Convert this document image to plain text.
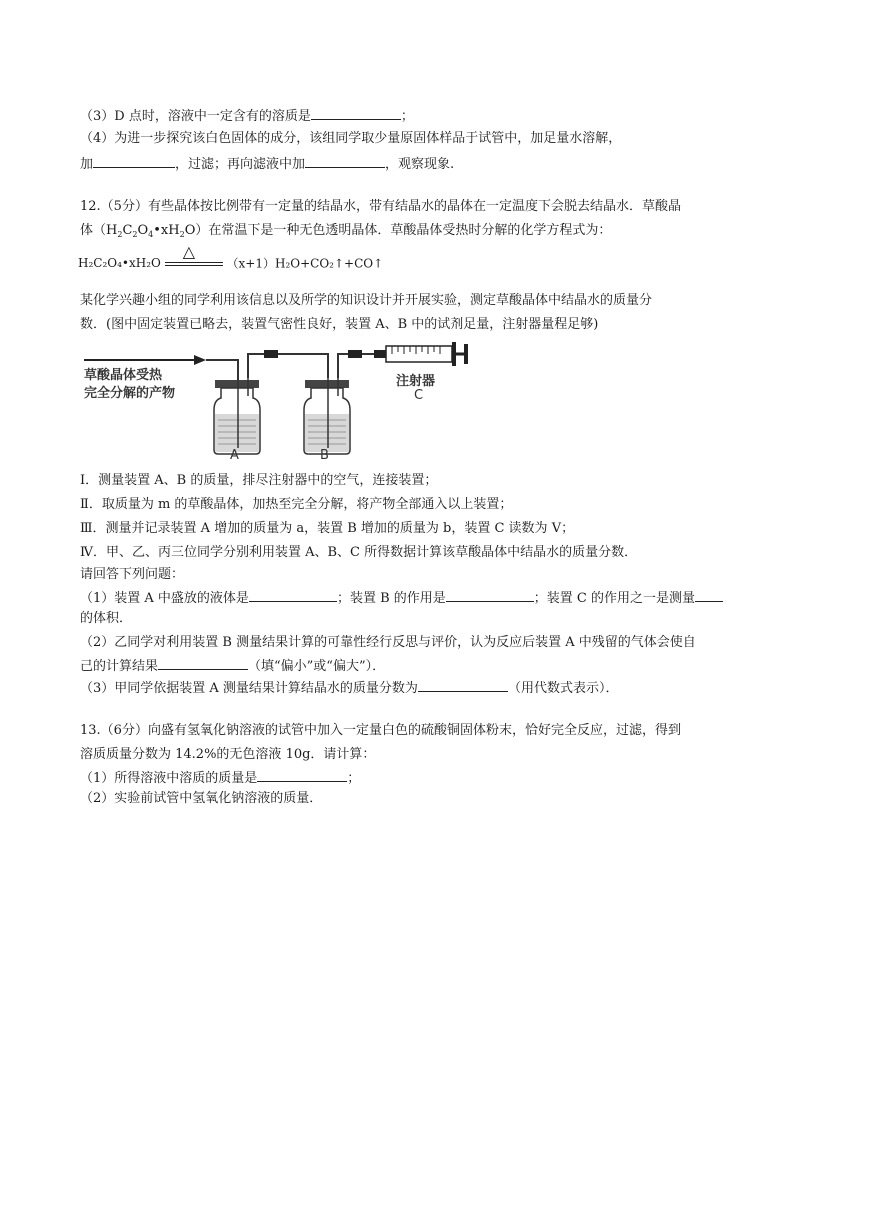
（3）D 点时，溶液中一定含有的溶质是	；
（4）为进一步探究该白色固体的成分，该组同学取少量原固体样品于试管中，加足量水溶解，
加	，过滤；再向滤液中加	，观察现象.
12.（5分）有些晶体按比例带有一定量的结晶水，带有结晶水的晶体在一定温度下会脱去结晶水．草酸晶
体$(H_2C_2O_4•xH_2O)$在常温下是一种无色透明晶体．草酸晶体受热时分解的化学方程式为：
H₂C₂O₄•xH₂O
△
（x+1）H₂O+CO₂↑+CO↑
某化学兴趣小组的同学利用该信息以及所学的知识设计并开展实验，测定草酸晶体中结晶水的质量分
数．(图中固定装置已略去，装置气密性良好，装置 A、B 中的试剂足量，注射器量程足够)
草酸晶体受热
完全分解的产物
A	B
注射器
C
Ⅰ．测量装置 A、B 的质量，排尽注射器中的空气，连接装置；
Ⅱ．取质量为 m 的草酸晶体，加热至完全分解，将产物全部通入以上装置；
Ⅲ．测量并记录装置 A 增加的质量为 a，装置 B 增加的质量为 b，装置 C 读数为 V；
Ⅳ．甲、乙、丙三位同学分别利用装置 A、B、C 所得数据计算该草酸晶体中结晶水的质量分数．
请回答下列问题：
（1）装置 A 中盛放的液体是	；装置 B 的作用是	；装置 C 的作用之一是测量
的体积．
（2）乙同学对利用装置 B 测量结果计算的可靠性经行反思与评价，认为反应后装置 A 中残留的气体会使自
己的计算结果	（填“偏小”或“偏大”）．
（3）甲同学依据装置 A 测量结果计算结晶水的质量分数为	（用代数式表示）．
13.（6分）向盛有氢氧化钠溶液的试管中加入一定量白色的硫酸铜固体粉末，恰好完全反应，过滤，得到
溶质质量分数为 14.2%的无色溶液 10g．请计算：
（1）所得溶液中溶质的质量是	；
（2）实验前试管中氢氧化钠溶液的质量．
